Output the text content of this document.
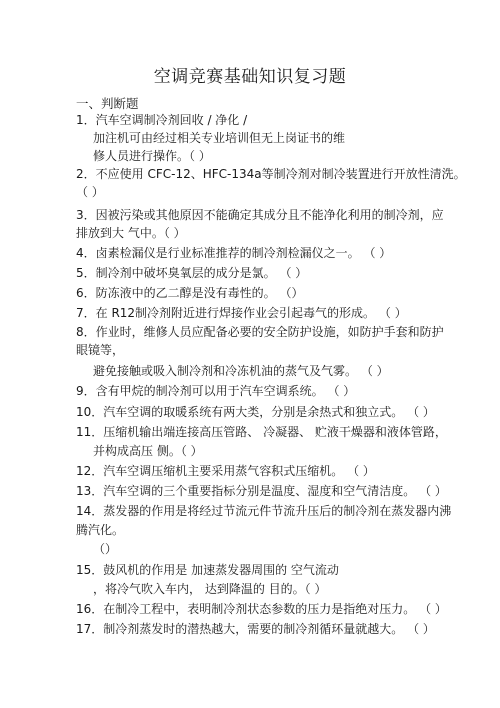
空调竞赛基础知识复习题
一、判断题
1．汽车空调制冷剂回收 / 净化 /
加注机可由经过相关专业培训但无上岗证书的维
修人员进行操作。（ ）
2．不应使用 CFC-12、HFC-134a等制冷剂对制冷装置进行开放性清洗。
（ ）
3．因被污染或其他原因不能确定其成分且不能净化利用的制冷剂，应
排放到大 气中。（ ）
4．卤素检漏仪是行业标准推荐的制冷剂检漏仪之一。 （ ）
5．制冷剂中破坏臭氧层的成分是氯。 （ ）
6．防冻液中的乙二醇是没有毒性的。 （）
7．在 R12制冷剂附近进行焊接作业会引起毒气的形成。 （ ）
8．作业时，维修人员应配备必要的安全防护设施，如防护手套和防护
眼镜等，
避免接触或吸入制冷剂和冷冻机油的蒸气及气雾。 （ ）
9．含有甲烷的制冷剂可以用于汽车空调系统。 （ ）
10．汽车空调的取暖系统有两大类，分别是余热式和独立式。 （ ）
11．压缩机输出端连接高压管路、 冷凝器、 贮液干燥器和液体管路，
并构成高压 侧。（ ）
12．汽车空调压缩机主要采用蒸气容积式压缩机。 （ ）
13．汽车空调的三个重要指标分别是温度、湿度和空气清洁度。 （ ）
14．蒸发器的作用是将经过节流元件节流升压后的制冷剂在蒸发器内沸
腾汽化。
（）
15．鼓风机的作用是 加速蒸发器周围的 空气流动
，将冷气吹入车内， 达到降温的 目的。（ ）
16．在制冷工程中，表明制冷剂状态参数的压力是指绝对压力。 （ ）
17．制冷剂蒸发时的潜热越大，需要的制冷剂循环量就越大。 （ ）
